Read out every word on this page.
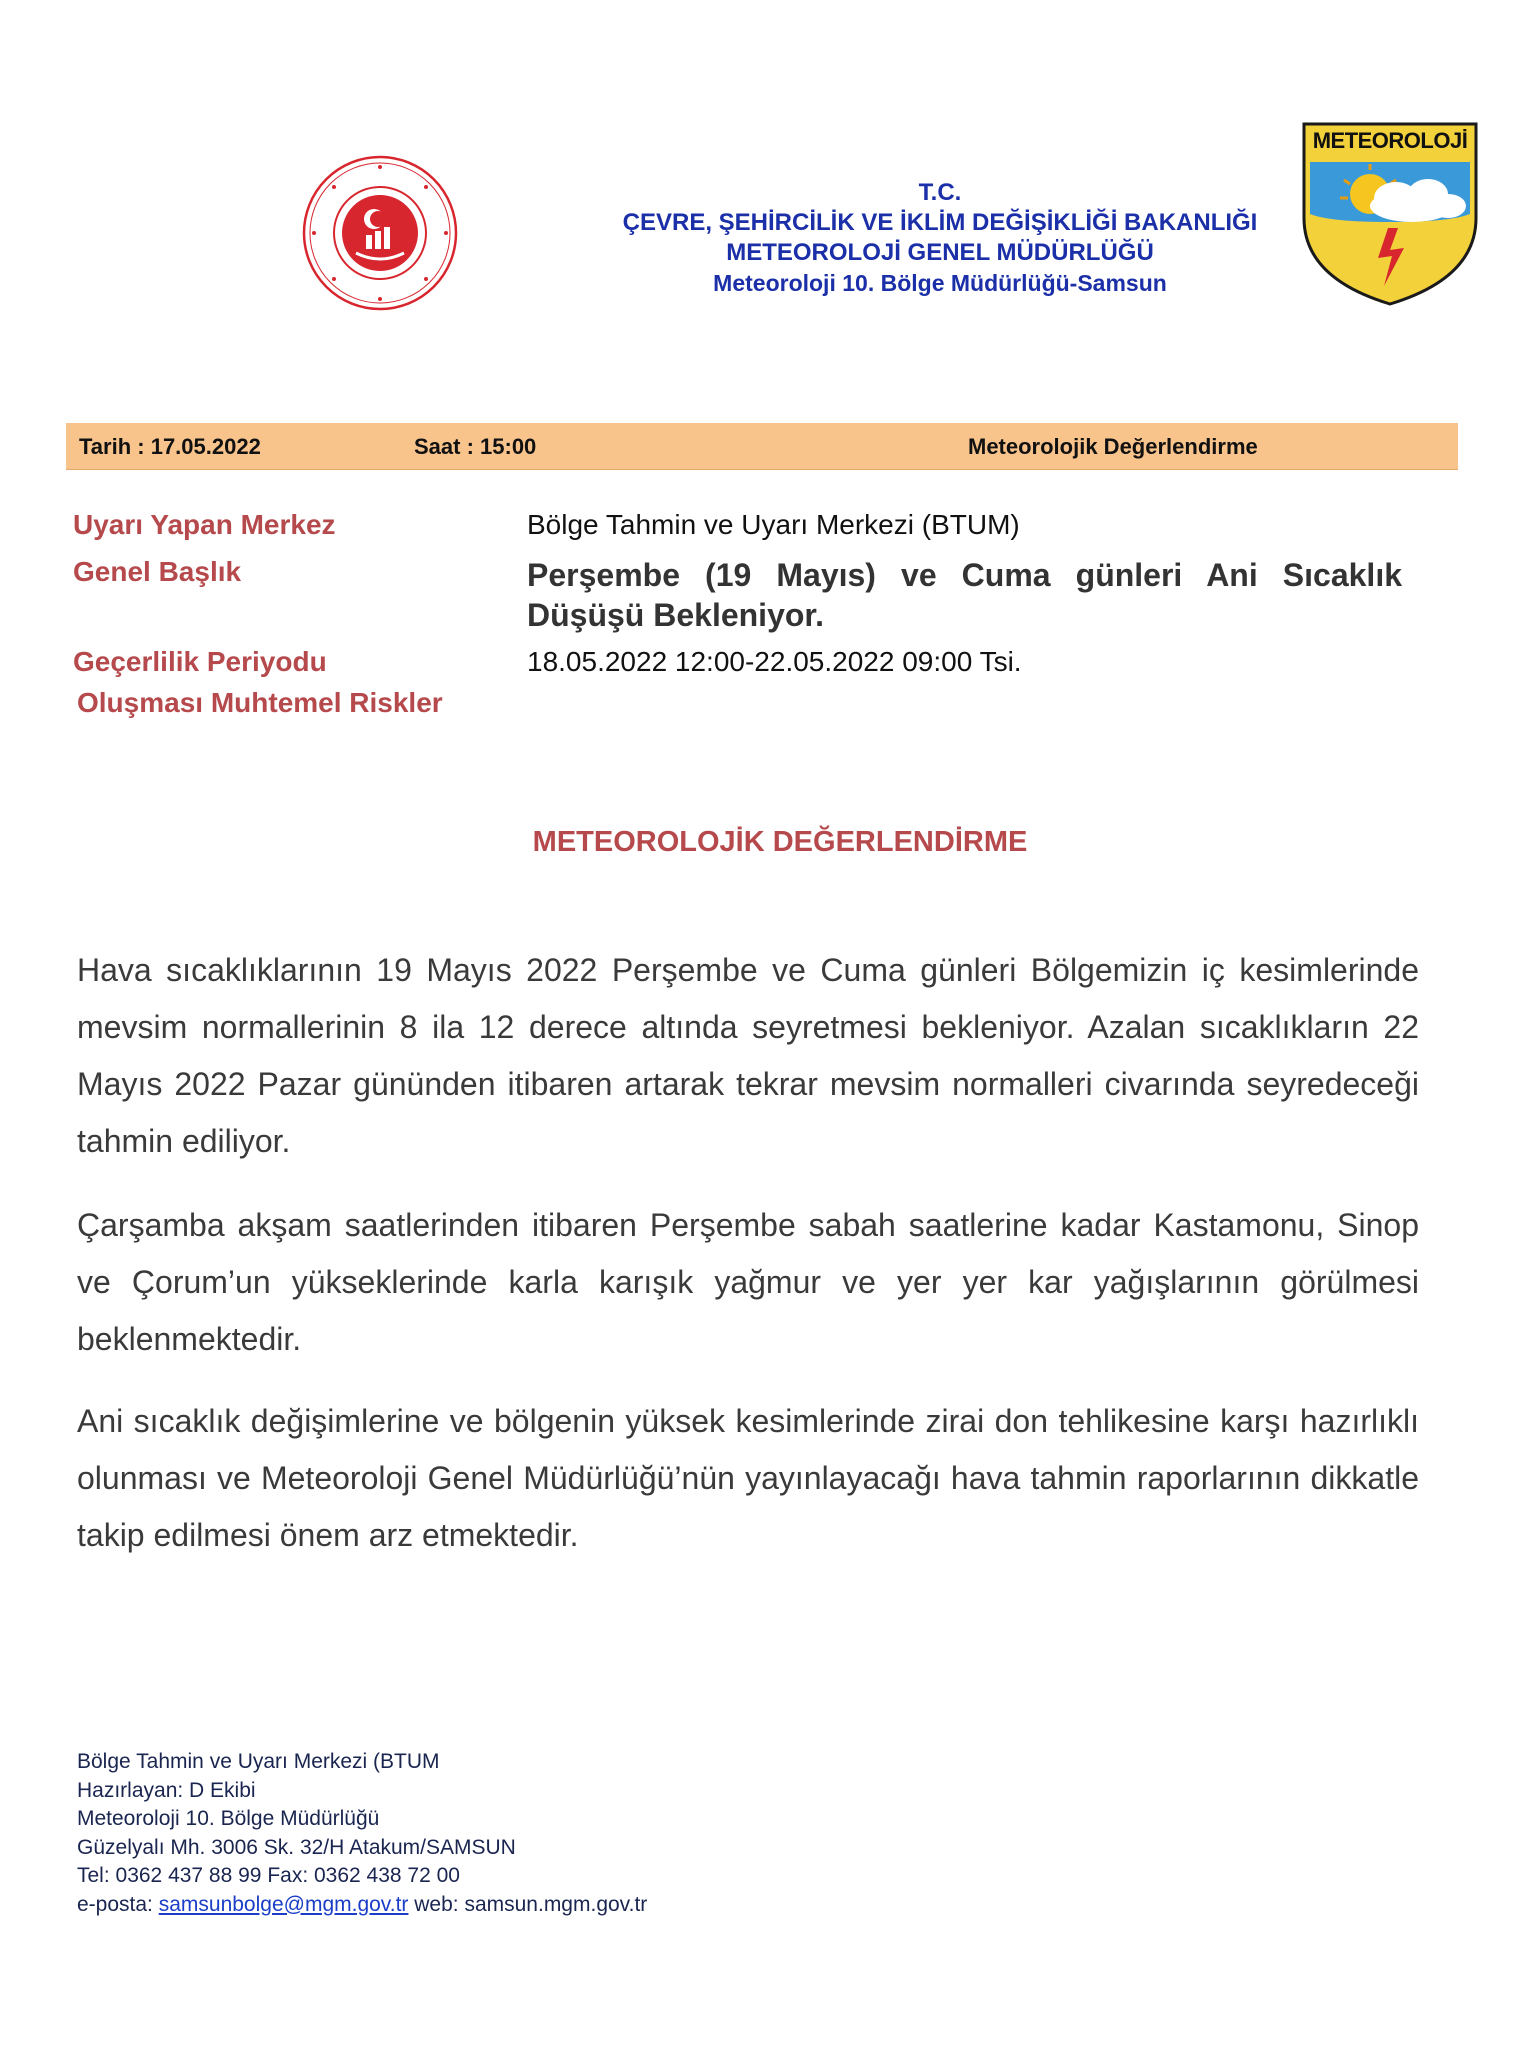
T.C.
ÇEVRE, ŞEHİRCİLİK VE İKLİM DEĞİŞİKLİĞİ BAKANLIĞI
METEOROLOJİ GENEL MÜDÜRLÜĞÜ
Meteoroloji 10. Bölge Müdürlüğü-Samsun
METEOROLOJİ
Tarih : 17.05.2022	Saat : 15:00	Meteorolojik Değerlendirme
Uyarı Yapan Merkez	Bölge Tahmin ve Uyarı Merkezi (BTUM)
Genel Başlık	Perşembe (19 Mayıs) ve Cuma günleri Ani Sıcaklık Düşüşü Bekleniyor.
Geçerlilik Periyodu	18.05.2022 12:00-22.05.2022 09:00 Tsi.
Oluşması Muhtemel Riskler
METEOROLOJİK DEĞERLENDİRME

Hava sıcaklıklarının 19 Mayıs 2022 Perşembe ve Cuma günleri Bölgemizin iç kesimlerinde mevsim normallerinin 8 ila 12 derece altında seyretmesi bekleniyor. Azalan sıcaklıkların 22 Mayıs 2022 Pazar gününden itibaren artarak tekrar mevsim normalleri civarında seyredeceği tahmin ediliyor.

Çarşamba akşam saatlerinden itibaren Perşembe sabah saatlerine kadar Kastamonu, Sinop ve Çorum’un yükseklerinde karla karışık yağmur ve yer yer kar yağışlarının görülmesi beklenmektedir.

Ani sıcaklık değişimlerine ve bölgenin yüksek kesimlerinde zirai don tehlikesine karşı hazırlıklı olunması ve Meteoroloji Genel Müdürlüğü’nün yayınlayacağı hava tahmin raporlarının dikkatle takip edilmesi önem arz etmektedir.

Bölge Tahmin ve Uyarı Merkezi (BTUM
Hazırlayan: D Ekibi
Meteoroloji 10. Bölge Müdürlüğü
Güzelyalı Mh. 3006 Sk. 32/H Atakum/SAMSUN
Tel: 0362 437 88 99 Fax: 0362 438 72 00
e-posta: samsunbolge@mgm.gov.tr web: samsun.mgm.gov.tr
